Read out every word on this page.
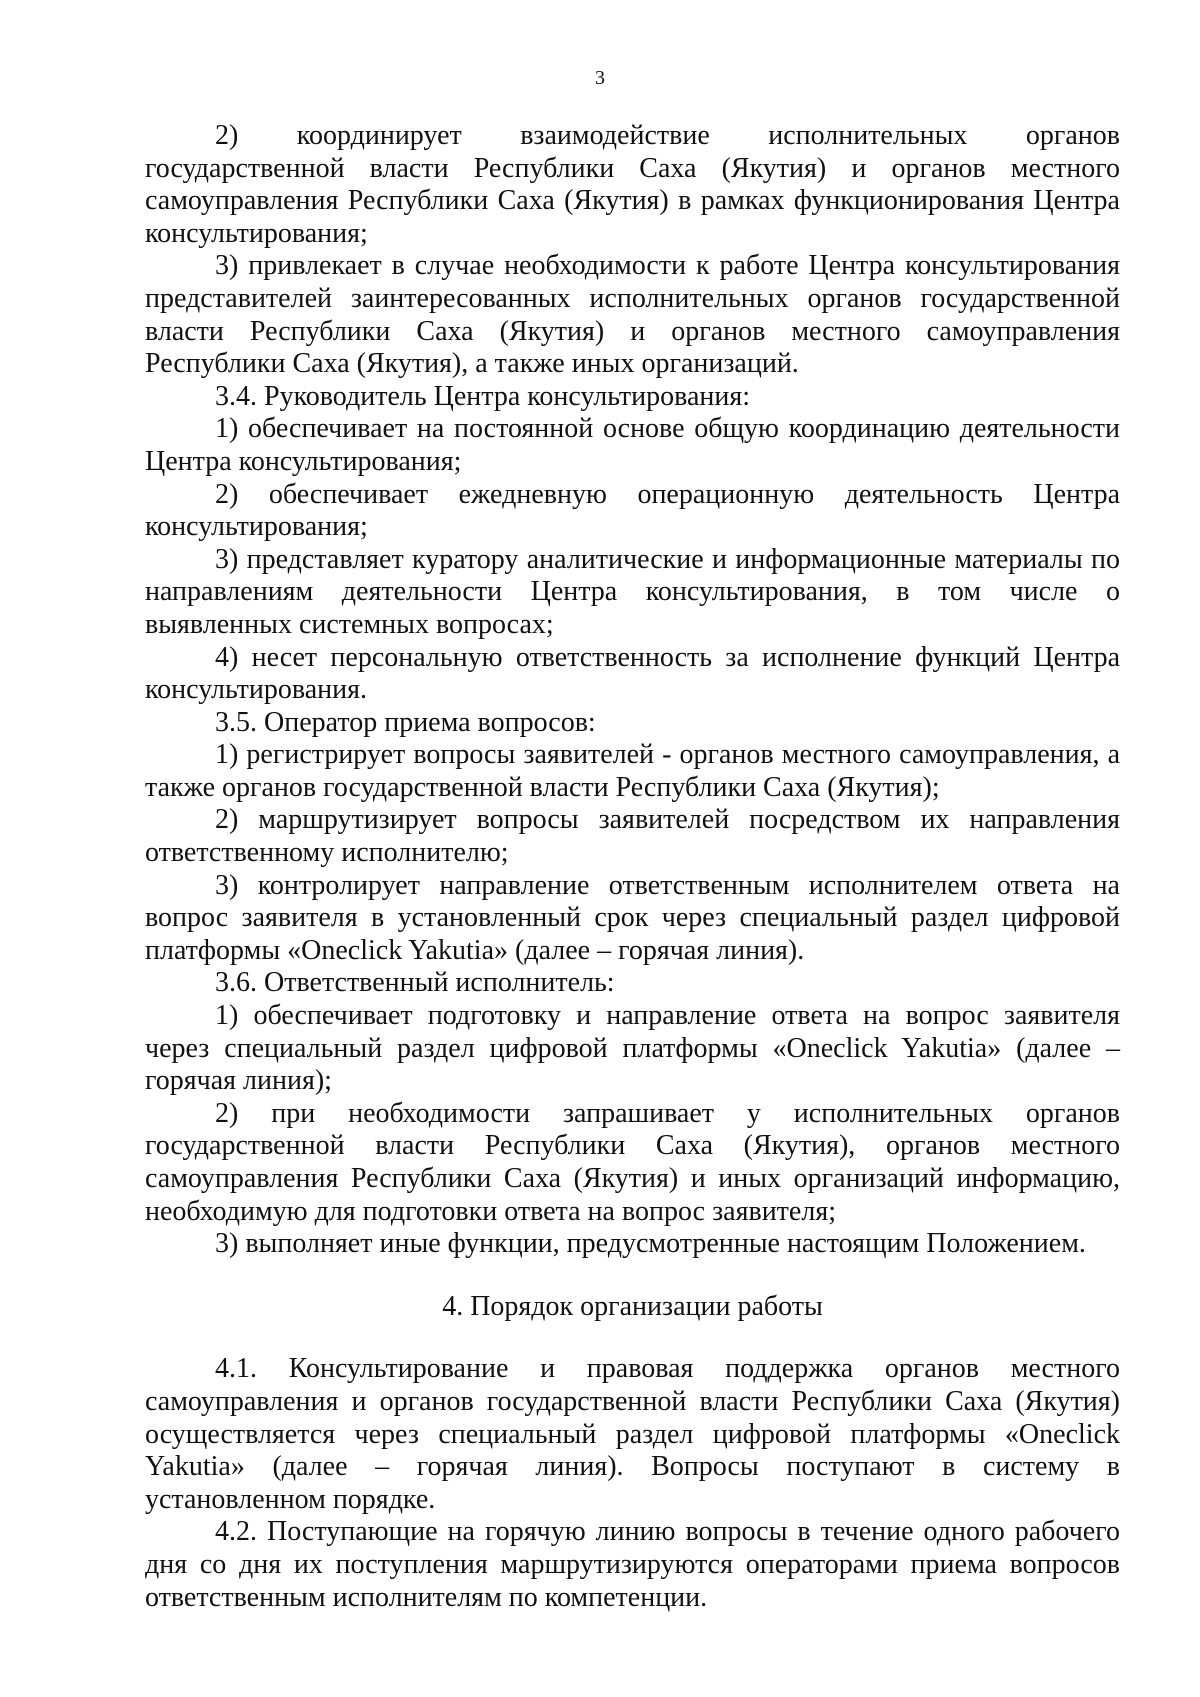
3

2) координирует взаимодействие исполнительных органов государственной власти Республики Саха (Якутия) и органов местного самоуправления Республики Саха (Якутия) в рамках функционирования Центра консультирования;

3) привлекает в случае необходимости к работе Центра консультирования представителей заинтересованных исполнительных органов государственной власти Республики Саха (Якутия) и органов местного самоуправления Республики Саха (Якутия), а также иных организаций.

3.4. Руководитель Центра консультирования:

1) обеспечивает на постоянной основе общую координацию деятельности Центра консультирования;

2) обеспечивает ежедневную операционную деятельность Центра консультирования;

3) представляет куратору аналитические и информационные материалы по направлениям деятельности Центра консультирования, в том числе о выявленных системных вопросах;

4) несет персональную ответственность за исполнение функций Центра консультирования.

3.5. Оператор приема вопросов:

1) регистрирует вопросы заявителей - органов местного самоуправления, а также органов государственной власти Республики Саха (Якутия);

2) маршрутизирует вопросы заявителей посредством их направления ответственному исполнителю;

3) контролирует направление ответственным исполнителем ответа на вопрос заявителя в установленный срок через специальный раздел цифровой платформы «Oneclick Yakutia» (далее – горячая линия).

3.6. Ответственный исполнитель:

1) обеспечивает подготовку и направление ответа на вопрос заявителя через специальный раздел цифровой платформы «Oneclick Yakutia» (далее – горячая линия);

2) при необходимости запрашивает у исполнительных органов государственной власти Республики Саха (Якутия), органов местного самоуправления Республики Саха (Якутия) и иных организаций информацию, необходимую для подготовки ответа на вопрос заявителя;

3) выполняет иные функции, предусмотренные настоящим Положением.

4. Порядок организации работы

4.1. Консультирование и правовая поддержка органов местного самоуправления и органов государственной власти Республики Саха (Якутия) осуществляется через специальный раздел цифровой платформы «Oneclick Yakutia» (далее – горячая линия). Вопросы поступают в систему в установленном порядке.

4.2. Поступающие на горячую линию вопросы в течение одного рабочего дня со дня их поступления маршрутизируются операторами приема вопросов ответственным исполнителям по компетенции.
